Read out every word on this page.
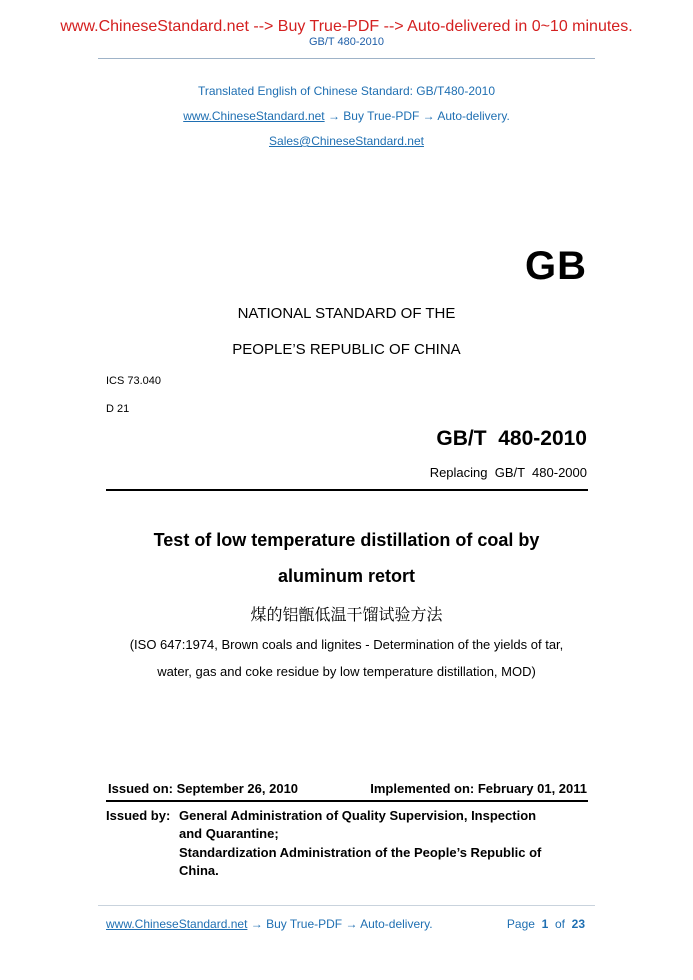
www.ChineseStandard.net --> Buy True-PDF --> Auto-delivered in 0~10 minutes.
GB/T 480-2010
Translated English of Chinese Standard: GB/T480-2010
www.ChineseStandard.net → Buy True-PDF → Auto-delivery.
Sales@ChineseStandard.net
GB
NATIONAL STANDARD OF THE
PEOPLE’S REPUBLIC OF CHINA
ICS 73.040
D 21
GB/T  480-2010
Replacing  GB/T  480-2000
Test of low temperature distillation of coal by
aluminum retort
煤的铝甑低温干馏试验方法
(ISO 647:1974, Brown coals and lignites - Determination of the yields of tar,
water, gas and coke residue by low temperature distillation, MOD)
Issued on: September 26, 2010	Implemented on: February 01, 2011
Issued by: General Administration of Quality Supervision, Inspection
and Quarantine;
Standardization Administration of the People’s Republic of
China.
www.ChineseStandard.net → Buy True-PDF → Auto-delivery.	Page 1 of 23
